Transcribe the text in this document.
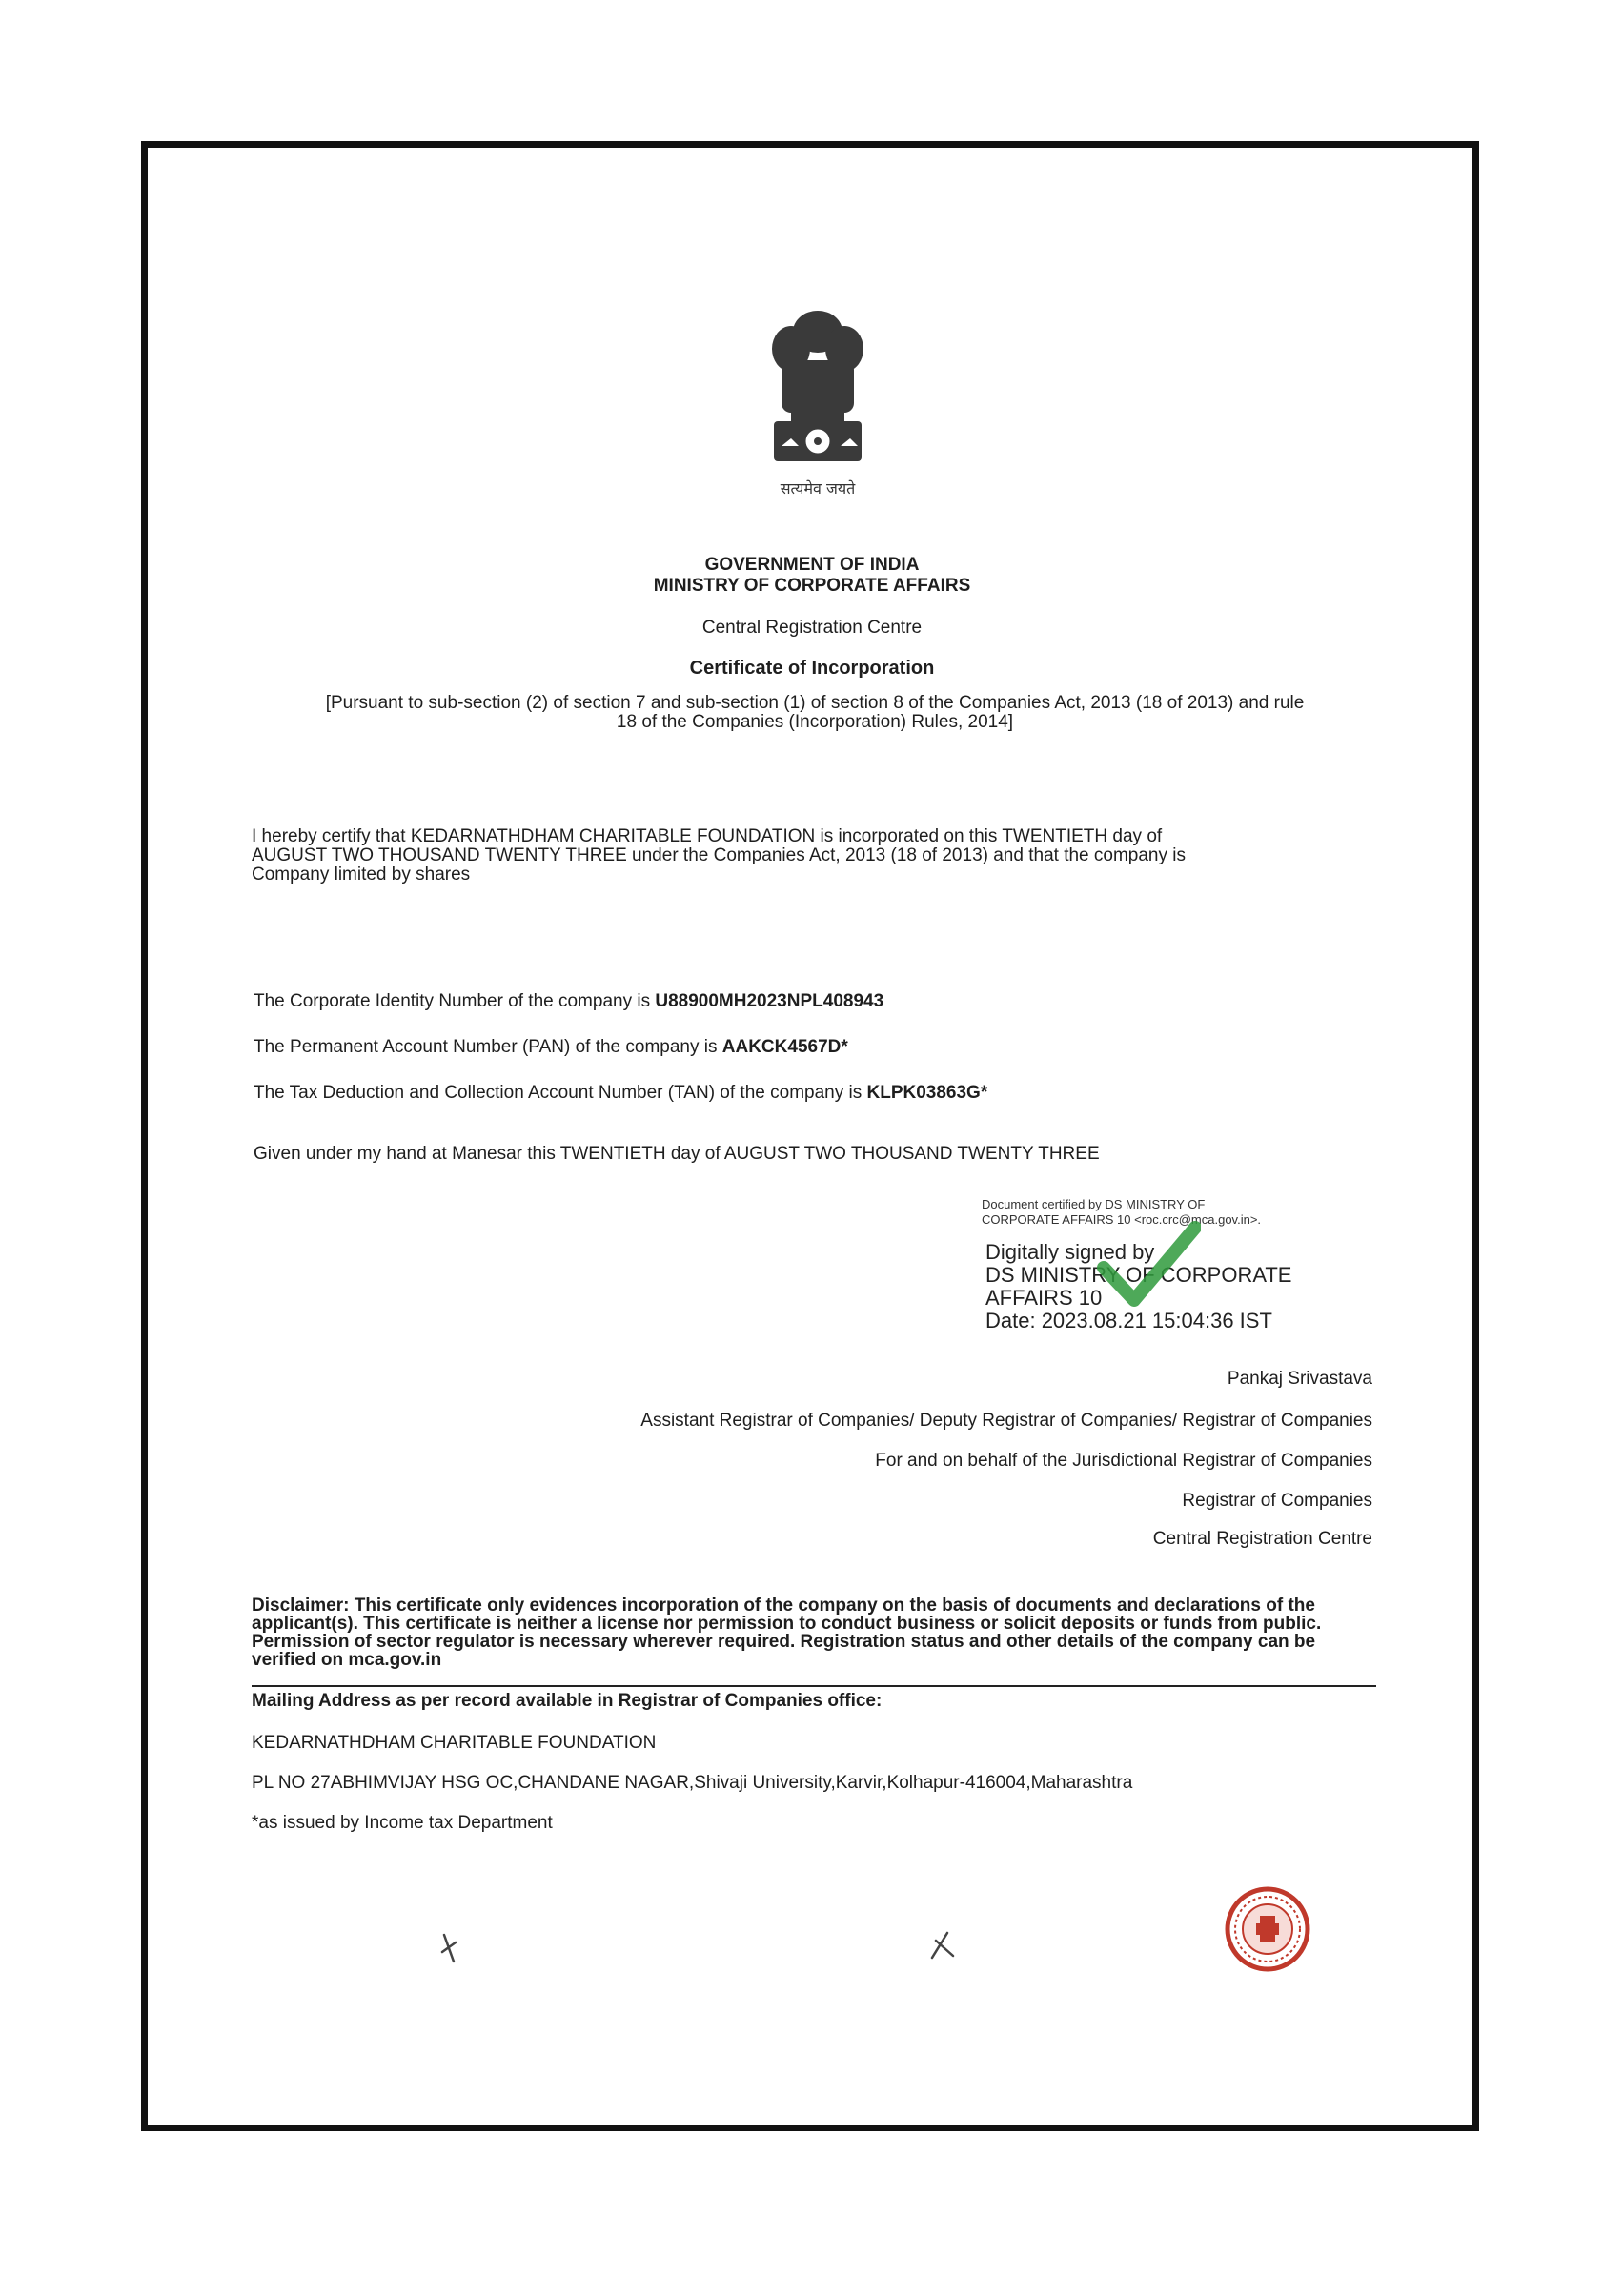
सत्यमेव जयते
GOVERNMENT OF INDIA
MINISTRY OF CORPORATE AFFAIRS
Central Registration Centre
Certificate of Incorporation
[Pursuant to sub-section (2) of section 7 and sub-section (1) of section 8 of the Companies Act, 2013 (18 of 2013) and rule
18 of the Companies (Incorporation) Rules, 2014]
I hereby certify that KEDARNATHDHAM CHARITABLE FOUNDATION is incorporated on this TWENTIETH day of
AUGUST TWO THOUSAND TWENTY THREE under the Companies Act, 2013 (18 of 2013) and that the company is
Company limited by shares
The Corporate Identity Number of the company is U88900MH2023NPL408943
The Permanent Account Number (PAN) of the company is AAKCK4567D*
The Tax Deduction and Collection Account Number (TAN) of the company is KLPK03863G*
Given under my hand at Manesar this TWENTIETH day of AUGUST TWO THOUSAND TWENTY THREE
Document certified by DS MINISTRY OF
CORPORATE AFFAIRS 10 <roc.crc@mca.gov.in>.
Digitally signed by
DS MINISTRY OF CORPORATE
AFFAIRS 10
Date: 2023.08.21 15:04:36 IST
Pankaj Srivastava
Assistant Registrar of Companies/ Deputy Registrar of Companies/ Registrar of Companies
For and on behalf of the Jurisdictional Registrar of Companies
Registrar of Companies
Central Registration Centre
Disclaimer: This certificate only evidences incorporation of the company on the basis of documents and declarations of the
applicant(s). This certificate is neither a license nor permission to conduct business or solicit deposits or funds from public.
Permission of sector regulator is necessary wherever required. Registration status and other details of the company can be
verified on mca.gov.in
Mailing Address as per record available in Registrar of Companies office:
KEDARNATHDHAM CHARITABLE FOUNDATION
PL NO 27ABHIMVIJAY HSG OC,CHANDANE NAGAR,Shivaji University,Karvir,Kolhapur-416004,Maharashtra
*as issued by Income tax Department
